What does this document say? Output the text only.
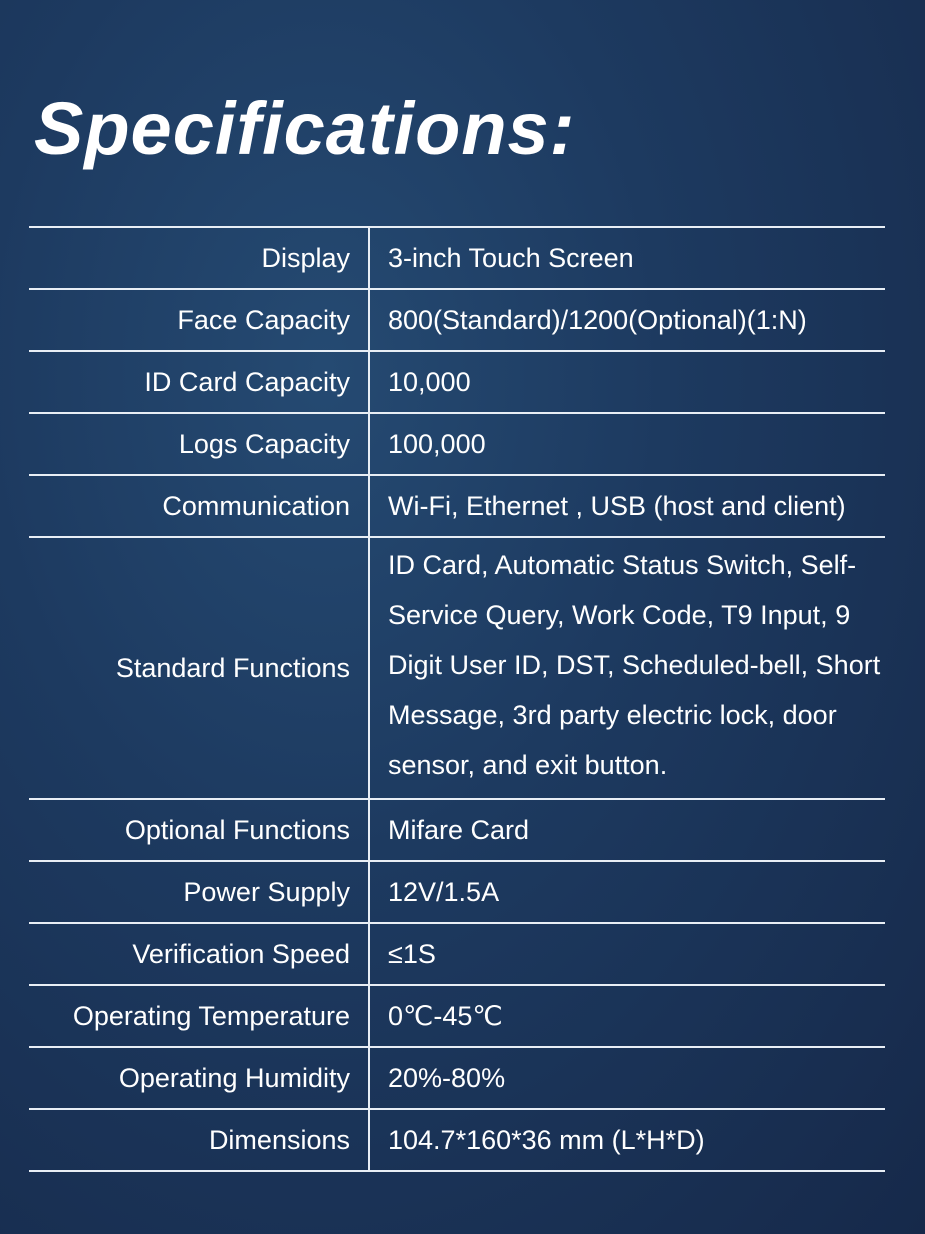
Specifications:
Display	3-inch Touch Screen
Face Capacity	800(Standard)/1200(Optional)(1:N)
ID Card Capacity	10,000
Logs Capacity	100,000
Communication	Wi-Fi, Ethernet , USB (host and client)
Standard Functions	ID Card, Automatic Status Switch, Self-Service Query, Work Code, T9 Input, 9 Digit User ID, DST, Scheduled-bell, Short Message, 3rd party electric lock, door sensor, and exit button.
Optional Functions	Mifare Card
Power Supply	12V/1.5A
Verification Speed	≤1S
Operating Temperature	0℃-45℃
Operating Humidity	20%-80%
Dimensions	104.7*160*36 mm (L*H*D)
